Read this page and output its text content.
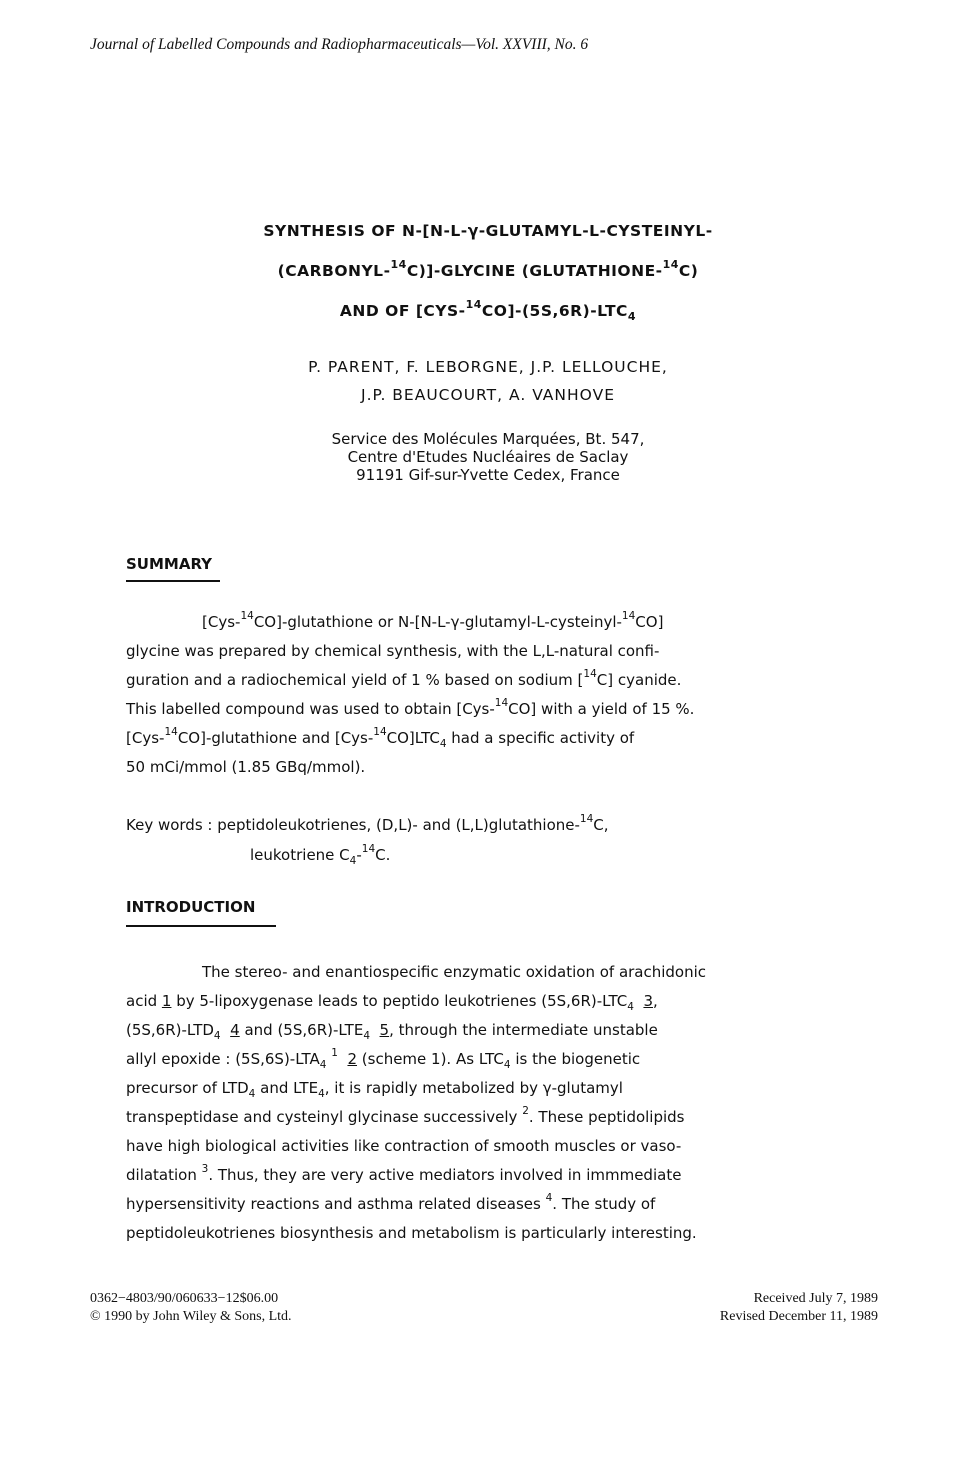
Journal of Labelled Compounds and Radiopharmaceuticals—Vol. XXVIII, No. 6
SYNTHESIS OF N-[N-L-γ-GLUTAMYL-L-CYSTEINYL-
(CARBONYL-$^{14}$C)]-GLYCINE (GLUTATHIONE-$^{14}$C)
AND OF $[CYS-^{14}CO]-(5S,6R)-LTC_4$
P. PARENT, F. LEBORGNE, J.P. LELLOUCHE,
J.P. BEAUCOURT, A. VANHOVE
Service des Molécules Marquées, Bt. 547,
Centre d'Etudes Nucléaires de Saclay
91191 Gif-sur-Yvette Cedex, France
SUMMARY
[Cys-$^{14}$CO]-glutathione or N-[N-L-γ-glutamyl-L-cysteinyl-$^{14}$CO]
glycine was prepared by chemical synthesis, with the L,L-natural confi-
guration and a radiochemical yield of 1 % based on sodium [$^{14}$C] cyanide.
This labelled compound was used to obtain [Cys-$^{14}$CO] with a yield of 15 %.
[Cys-$^{14}$CO]-glutathione and $[Cys-^{14}CO]LTC_4$ had a specific activity of
50 mCi/mmol (1.85 GBq/mmol).
Key words : peptidoleukotrienes, (D,L)- and (L,L)glutathione-$^{14}$C,
leukotriene $C_4-^{14}C$.
INTRODUCTION
The stereo- and enantiospecific enzymatic oxidation of arachidonic
acid 1 by 5-lipoxygenase leads to peptido leukotrienes $(5S,6R)-LTC_4$ 3,
$(5S,6R)-LTD_4$ 4 and $(5S,6R)-LTE_4$ 5, through the intermediate unstable
allyl epoxide : $(5S,6S)-LTA_4$ $^1$ 2 (scheme 1). As $LTC_4$ is the biogenetic
precursor of $LTD_4$ and $LTE_4$, it is rapidly metabolized by γ-glutamyl
transpeptidase and cysteinyl glycinase successively $^2$. These peptidolipids
have high biological activities like contraction of smooth muscles or vaso-
dilatation $^3$. Thus, they are very active mediators involved in immmediate
hypersensitivity reactions and asthma related diseases $^4$. The study of
peptidoleukotrienes biosynthesis and metabolism is particularly interesting.
0362−4803/90/060633−12$06.00
© 1990 by John Wiley & Sons, Ltd.
Received July 7, 1989
Revised December 11, 1989
